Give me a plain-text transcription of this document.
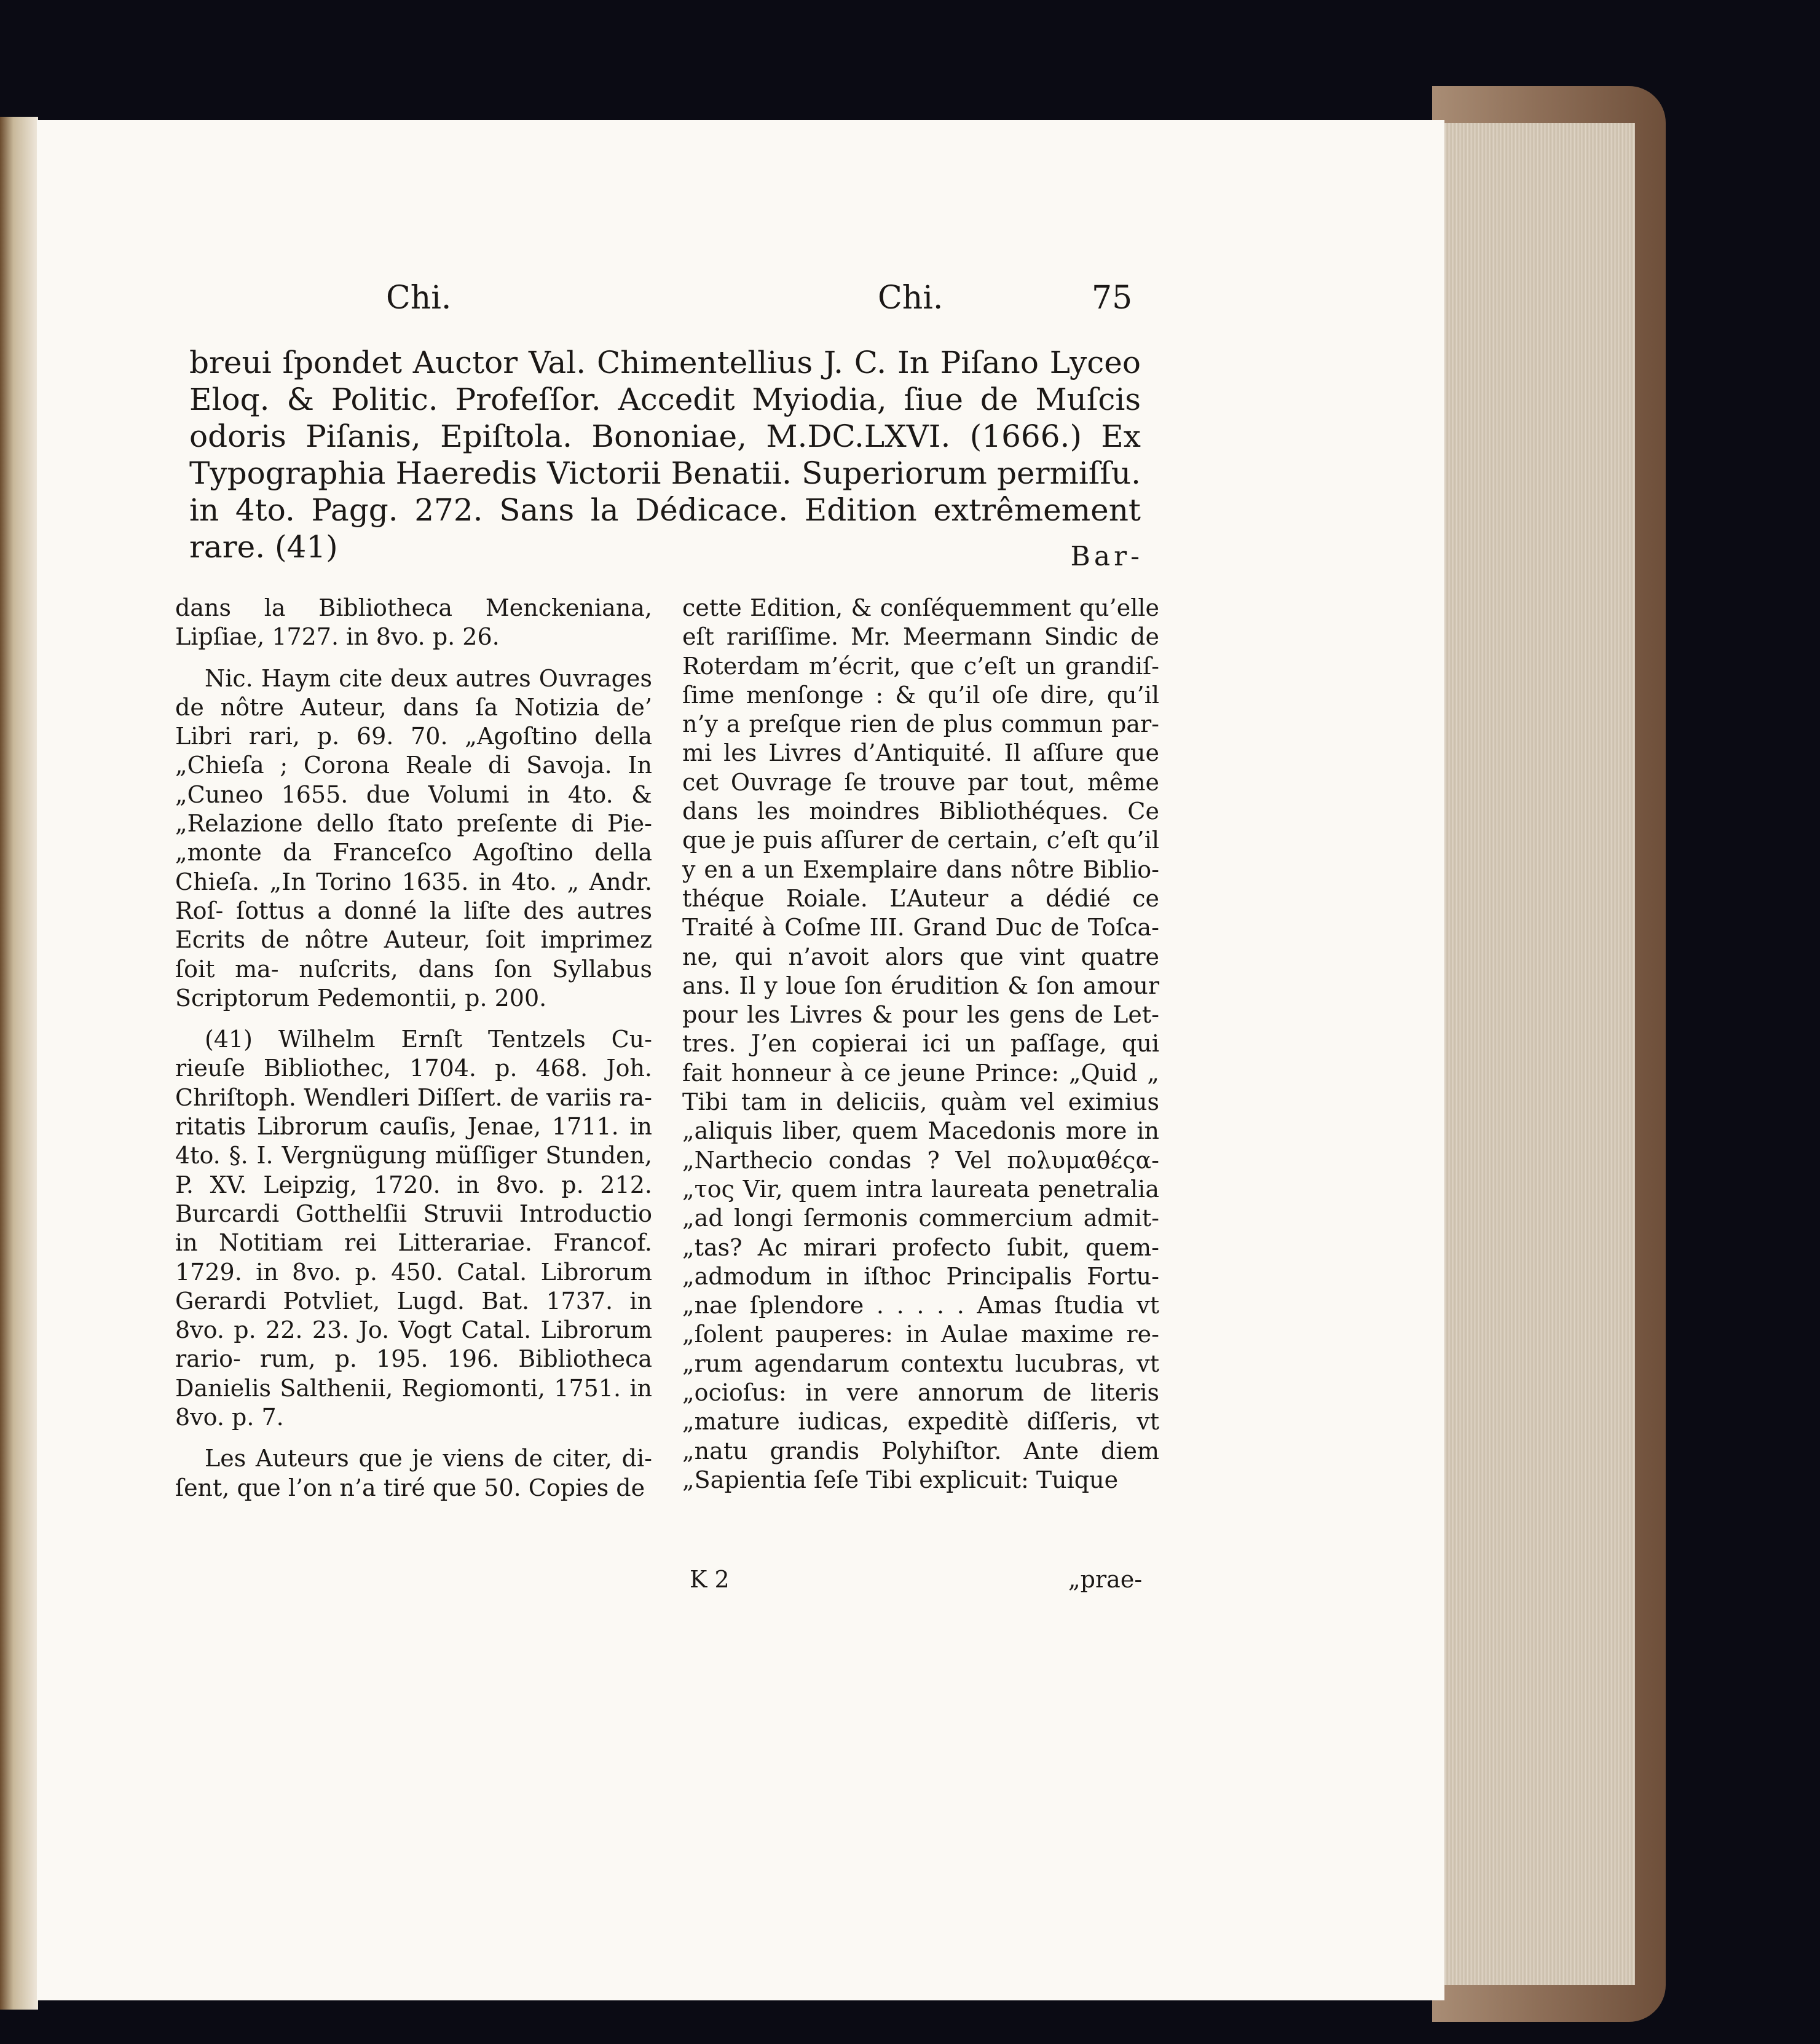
Chi.	Chi.	75

breui ſpondet Auctor Val. Chimentellius J. C. In Piſano Lyceo Eloq. & Politic. Profeſſor. Accedit Myiodia, ſiue de Muſcis odoris Piſanis, Epiſtola. Bononiae, M.DC.LXVI. (1666.) Ex Typographia Haeredis Victorii Benatii. Superiorum permiſſu. in 4to. Pagg. 272. Sans la Dédicace. Edition extrêmement rare. (41)	Bar-

dans la Bibliotheca Menckeniana, Lipſiae, 1727. in 8vo. p. 26.

Nic. Haym cite deux autres Ouvrages de nôtre Auteur, dans ſa Notizia de’ Libri rari, p. 69. 70. „Agoſtino della „Chieſa ; Corona Reale di Savoja. In „Cuneo 1655. due Volumi in 4to. & „Relazione dello ſtato preſente di Pie- „monte da Franceſco Agoſtino della Chieſa. „In Torino 1635. in 4to. „ Andr. Roſ- ſottus a donné la liſte des autres Ecrits de nôtre Auteur, ſoit imprimez ſoit ma- nuſcrits, dans ſon Syllabus Scriptorum Pedemontii, p. 200.

(41) Wilhelm Ernſt Tentzels Cu- rieuſe Bibliothec, 1704. p. 468. Joh. Chriſtoph. Wendleri Diſſert. de variis ra- ritatis Librorum cauſis, Jenae, 1711. in 4to. §. I. Vergnügung müſſiger Stunden, P. XV. Leipzig, 1720. in 8vo. p. 212. Burcardi Gotthelſii Struvii Introductio in Notitiam rei Litterariae. Francof. 1729. in 8vo. p. 450. Catal. Librorum Gerardi Potvliet, Lugd. Bat. 1737. in 8vo. p. 22. 23. Jo. Vogt Catal. Librorum rario- rum, p. 195. 196. Bibliotheca Danielis Salthenii, Regiomonti, 1751. in 8vo. p. 7.

Les Auteurs que je viens de citer, di- ſent, que l’on n’a tiré que 50. Copies de

cette Edition, & conſéquemment qu’elle eſt rariſſime. Mr. Meermann Sindic de Roterdam m’écrit, que c’eſt un grandiſ- ſime menſonge : & qu’il oſe dire, qu’il n’y a preſque rien de plus commun par- mi les Livres d’Antiquité. Il aſſure que cet Ouvrage ſe trouve par tout, même dans les moindres Bibliothéques. Ce que je puis aſſurer de certain, c’eſt qu’il y en a un Exemplaire dans nôtre Biblio- théque Roiale. L’Auteur a dédié ce Traité à Coſme III. Grand Duc de Toſca- ne, qui n’avoit alors que vint quatre ans. Il y loue ſon érudition & ſon amour pour les Livres & pour les gens de Let- tres. J’en copierai ici un paſſage, qui fait honneur à ce jeune Prince: „Quid „ Tibi tam in deliciis, quàm vel eximius „aliquis liber, quem Macedonis more in „Narthecio condas ? Vel πολυμαθέςα- „τος Vir, quem intra laureata penetralia „ad longi ſermonis commercium admit- „tas? Ac mirari profecto ſubit, quem- „admodum in iſthoc Principalis Fortu- „nae ſplendore . . . . . Amas ſtudia vt „ſolent pauperes: in Aulae maxime re- „rum agendarum contextu lucubras, vt „ocioſus: in vere annorum de literis „mature iudicas, expeditè diſſeris, vt „natu grandis Polyhiſtor. Ante diem „Sapientia ſeſe Tibi explicuit: Tuique

K 2	„prae-
